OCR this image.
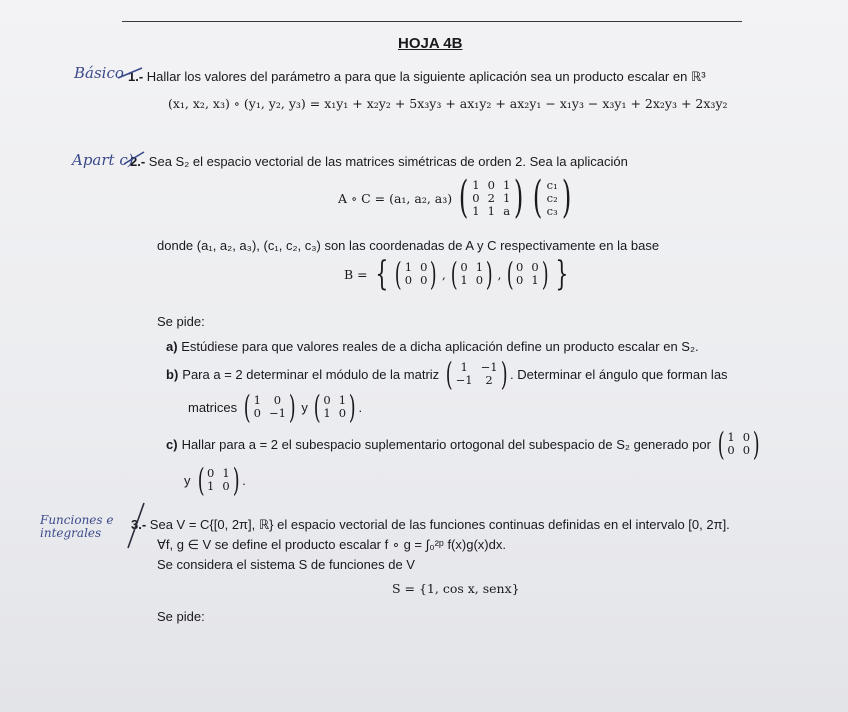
HOJA 4B
Básico
Apart c)
Funciones e integrales
1.- Hallar los valores del parámetro a para que la siguiente aplicación sea un producto escalar en ℝ³
(x₁, x₂, x₃) ∘ (y₁, y₂, y₃) = x₁y₁ + x₂y₂ + 5x₃y₃ + ax₁y₂ + ax₂y₁ − x₁y₃ − x₃y₁ + 2x₂y₃ + 2x₃y₂
2.- Sea S₂ el espacio vectorial de las matrices simétricas de orden 2. Sea la aplicación
A ∘ C = (a₁, a₂, a₃) ( 1 0 1
0 2 1
1 1 a ) ( c₁
c₂
c₃ )
donde (a₁, a₂, a₃), (c₁, c₂, c₃) son las coordenadas de A y C respectivamente en la base
B = { ( 1 0
0 0 ) , ( 0 1
1 0 ) , ( 0 0
0 1 ) }
Se pide:
a) Estúdiese para que valores reales de a dicha aplicación define un producto escalar en S₂.
b) Para a = 2 determinar el módulo de la matriz ( 1	−1
−1	2 ) . Determinar el ángulo que forman las
matrices ( 1	0
0 −1 ) y ( 0 1
1 0 ) .
c) Hallar para a = 2 el subespacio suplementario ortogonal del subespacio de S₂ generado por ( 1 0
0 0 )
y ( 0 1
1 0 ) .
3.- Sea V = C{[0, 2π], ℝ} el espacio vectorial de las funciones continuas definidas en el intervalo [0, 2π].
∀f, g ∈ V se define el producto escalar f ∘ g = ∫₀²ᵖ f(x)g(x)dx.
Se considera el sistema S de funciones de V
S = {1, cos x, senx}
Se pide:
